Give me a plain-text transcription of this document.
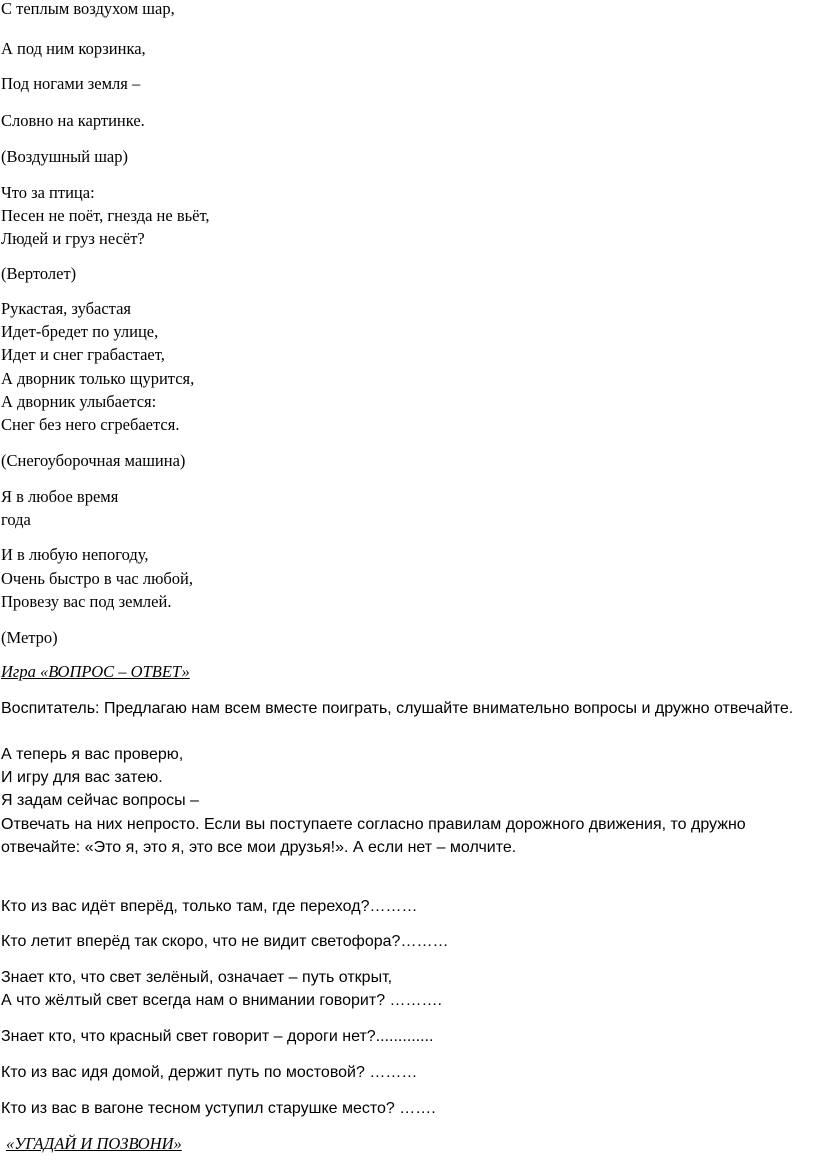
С теплым воздухом шар,
А под ним корзинка,
Под ногами земля –
Словно на картинке.
(Воздушный шар)
Что за птица:
Песен не поёт, гнезда не вьёт,
Людей и груз несёт?
(Вертолет)
Рукастая, зубастая
Идет-бредет по улице,
Идет и снег грабастает,
А дворник только щурится,
А дворник улыбается:
Снег без него сгребается.
(Снегоуборочная машина)
Я в любое время
года
И в любую непогоду,
Очень быстро в час любой,
Провезу вас под землей.
(Метро)
Игра «ВОПРОС – ОТВЕТ»
Воспитатель: Предлагаю нам всем вместе поиграть, слушайте внимательно вопросы и дружно отвечайте.
А теперь я вас проверю,
И игру для вас затею.
Я задам сейчас вопросы –
Отвечать на них непросто. Если вы поступаете согласно правилам дорожного движения, то дружно отвечайте: «Это я, это я, это все мои друзья!». А если нет – молчите.
Кто из вас идёт вперёд, только там, где переход?………
Кто летит вперёд так скоро, что не видит светофора?………
Знает кто, что свет зелёный, означает – путь открыт,
А что жёлтый свет всегда нам о внимании говорит? ……….
Знает кто, что красный свет говорит – дороги нет?.............
Кто из вас идя домой, держит путь по мостовой? ………
Кто из вас в вагоне тесном уступил старушке место? …….
«УГАДАЙ И ПОЗВОНИ»
